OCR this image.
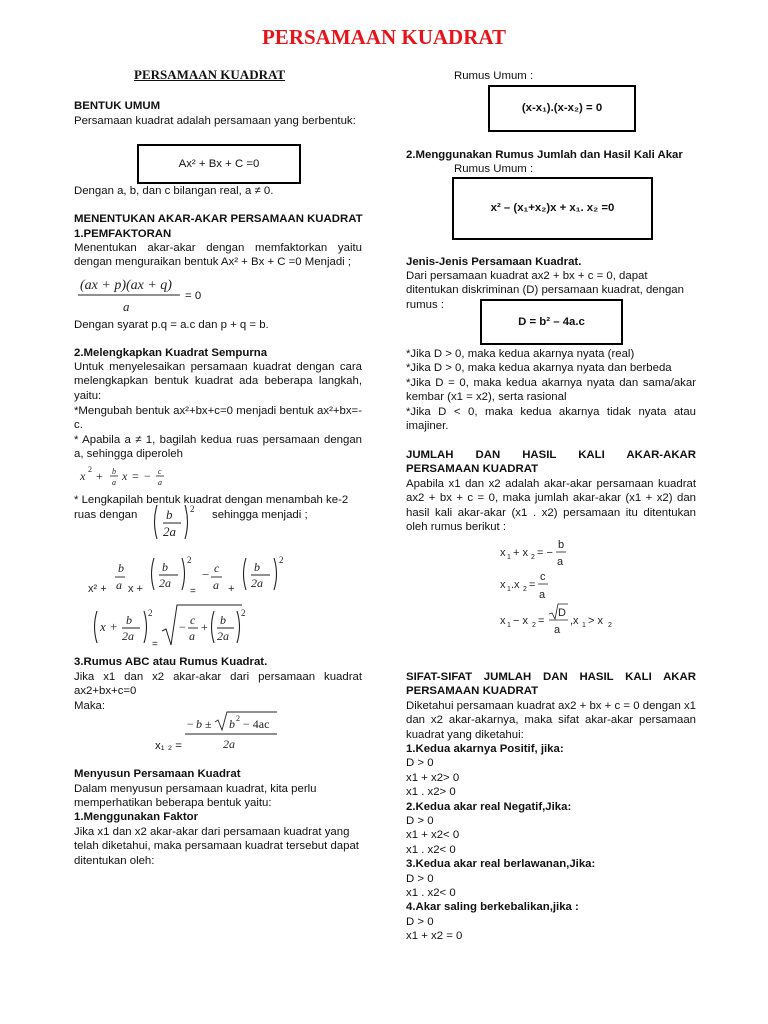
PERSAMAAN KUADRAT
PERSAMAAN KUADRAT
BENTUK UMUM
Persamaan kuadrat adalah persamaan yang berbentuk:
Ax² + Bx + C =0
Dengan a, b, dan c bilangan real, a ≠ 0.
MENENTUKAN AKAR-AKAR PERSAMAAN KUADRAT
1.PEMFAKTORAN
Menentukan akar-akar dengan memfaktorkan yaitu dengan menguraikan bentuk Ax² + Bx + C =0 Menjadi ;
(ax + p)(ax + q)
a
= 0
Dengan syarat p.q = a.c dan p + q = b.
2.Melengkapkan Kuadrat Sempurna
Untuk menyelesaikan persamaan kuadrat dengan cara melengkapkan bentuk kuadrat ada beberapa langkah, yaitu:
*Mengubah bentuk ax²+bx+c=0 menjadi bentuk ax²+bx=-c.
* Apabila a ≠ 1, bagilah kedua ruas persamaan dengan a, sehingga diperoleh
x 2 + b
a x = − c
a
* Lengkapilah bentuk kuadrat dengan menambah ke-2
ruas dengan b
2a
2 sehingga menjadi ;
x² +
b
a x +
b
2a
2
=
− c
a +
b
2a
2
x + b
2a
2
=
− c
a
+ b
2a
2
3.Rumus ABC atau Rumus Kuadrat.
Jika x1 dan x2 akar-akar dari persamaan kuadrat ax2+bx+c=0
Maka:
− b ± b 2 − 4ac
2a
x₁ ₂ =
Menyusun Persamaan Kuadrat
Dalam menyusun persamaan kuadrat, kita perlu memperhatikan beberapa bentuk yaitu:
1.Menggunakan Faktor
Jika x1 dan x2 akar-akar dari persamaan kuadrat yang telah diketahui, maka persamaan kuadrat tersebut dapat ditentukan oleh:
Rumus Umum :
(x-x₁).(x-x₂) = 0
2.Menggunakan Rumus Jumlah dan Hasil Kali Akar
Rumus Umum :
x² – (x₁+x₂)x + x₁. x₂ =0
Jenis-Jenis Persamaan Kuadrat.
Dari persamaan kuadrat ax2 + bx + c = 0, dapat ditentukan diskriminan (D) persamaan kuadrat, dengan rumus :
D = b² – 4a.c
*Jika D > 0, maka kedua akarnya nyata (real)
*Jika D > 0, maka kedua akarnya nyata dan berbeda
*Jika D = 0, maka kedua akarnya nyata dan sama/akar kembar (x1 = x2), serta rasional
*Jika D < 0, maka kedua akarnya tidak nyata atau imajiner.
JUMLAH DAN HASIL KALI AKAR-AKAR PERSAMAAN KUADRAT
Apabila x1 dan x2 adalah akar-akar persamaan kuadrat ax2 + bx + c = 0, maka jumlah akar-akar (x1 + x2) dan hasil kali akar-akar (x1 . x2) persamaan itu ditentukan oleh rumus berikut :
x 1 + x 2 = −
b
a
x 1 .x 2 =
c
a
x 1 − x 2 =
D
a
,x 1 > x 2
SIFAT-SIFAT JUMLAH DAN HASIL KALI AKAR PERSAMAAN KUADRAT
Diketahui persamaan kuadrat ax2 + bx + c = 0 dengan x1 dan x2 akar-akarnya, maka sifat akar-akar persamaan kuadrat yang diketahui:
1.Kedua akarnya Positif, jika:
D > 0
x1 + x2> 0
x1 . x2> 0
2.Kedua akar real Negatif,Jika:
D > 0
x1 + x2< 0
x1 . x2< 0
3.Kedua akar real berlawanan,Jika:
D > 0
x1 . x2< 0
4.Akar saling berkebalikan,jika :
D > 0
x1 + x2 = 0
